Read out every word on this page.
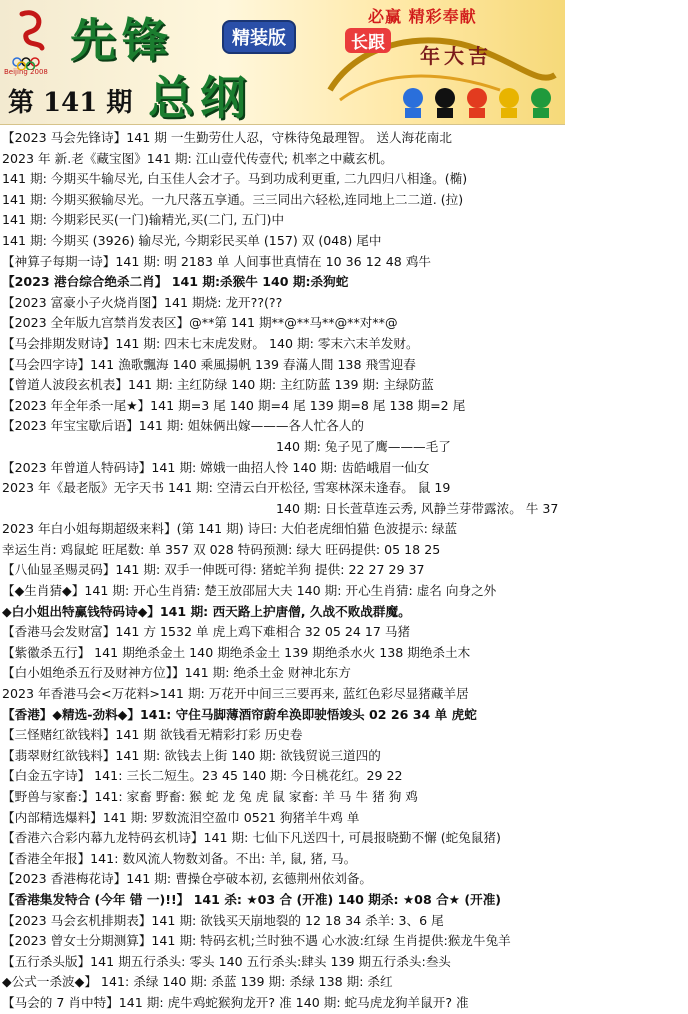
Beijing 2008
先锋
总纲
精装版
第 141 期
必赢 精彩奉献
长跟
年大吉
【2023 马会先锋诗】141 期 一生勤劳仕人忍，守株待兔最理智。 送人海花南北
2023 年 新.老《藏宝图》141 期: 江山壹代传壹代; 机率之中藏玄机。
141 期: 今期买牛输尽光, 白玉佳人会才子。马到功成利更重, 二九四归八相逢。(椭)
141 期: 今期买猴输尽光。一九尺落五享通。三三同出六轻松,连同地上二二道. (拉)
141 期: 今期彩民买(一门)输精光,买(二门, 五门)中
141 期: 今期买 (3926) 输尽光, 今期彩民买单 (157) 双 (048) 尾中
【神算子每期一诗】141 期: 明 2183 单 人间事世真情在 10 36 12 48 鸡牛
【2023 港台综合绝杀二肖】 141 期:杀猴牛 140 期:杀狗蛇
【2023 富豪小子火烧肖图】141 期烧: 龙开??(??
【2023 全年版九宫禁肖发表区】@**第 141 期**@**马**@**对**@
【马会排期发财诗】141 期: 四末七末虎发财。 140 期: 零末六末羊发财。
【马会四字诗】141 漁歌飄海 140 乘風揚帆 139 春滿人間 138 飛雪迎春
【曾道人波段玄机表】141 期: 主红防绿 140 期: 主红防蓝 139 期: 主绿防蓝
【2023 年全年杀一尾★】141 期=3 尾 140 期=4 尾 139 期=8 尾 138 期=2 尾
【2023 年宝宝歇后语】141 期: 姐妹俩出嫁———各人忙各人的
140 期: 兔子见了鹰———毛了
【2023 年曾道人特码诗】141 期: 嫦娥一曲招人怜 140 期: 齿皓峨眉一仙女
2023 年《最老版》无字天书 141 期: 空清云白开松径, 雪寒林深未逢春。 鼠 19
140 期: 日长萱草连云秀, 风静兰芽带露浓。 牛 37
2023 年白小姐每期超级来料】(第 141 期) 诗曰: 大伯老虎细怕猫 色波提示: 绿蓝
幸运生肖: 鸡鼠蛇 旺尾数: 单 357 双 028 特码预测: 绿大 旺码提供: 05 18 25
【八仙显圣赐灵码】141 期: 双手一伸既可得: 猪蛇羊狗 提供: 22 27 29 37
【◆生肖猜◆】141 期: 开心生肖猜: 楚王放邵屈大夫 140 期: 开心生肖猜: 虚名 向身之外
◆白小姐出特赢钱特码诗◆】141 期: 西天路上护唐僧, 久战不败战群魔。
【香港马会发财富】141 方 1532 单 虎上鸡下难相合 32 05 24 17 马猪
【紫徽杀五行】 141 期绝杀金土 140 期绝杀金土 139 期绝杀水火 138 期绝杀土木
【白小姐绝杀五行及财神方位】】141 期: 绝杀土金 财神北东方
2023 年香港马会<万花料>141 期: 万花开中间三三要再来, 蓝红色彩尽显猪藏羊居
【香港】◆精选-劲料◆】141: 守住马脚薄酒帘蔚牟涣即驶悟竣头 02 26 34 单 虎蛇
【三怪赌红欲钱料】141 期 欲钱看无精彩打彩 历史卷
【翡翠财红欲钱料】141 期: 欲钱去上街 140 期: 欲钱贸说三道四的
【白金五字诗】 141: 三长二短生。23 45 140 期: 今日桃花红。29 22
【野兽与家畜:】141: 家畜 野畜: 猴 蛇 龙 兔 虎 鼠 家畜: 羊 马 牛 猪 狗 鸡
【内部精选爆料】141 期: 罗数流泪空盈巾 0521 狗猪羊牛鸡 单
【香港六合彩内幕九龙特码玄机诗】141 期: 七仙下凡送四十, 可晨报晓勤不懈 (蛇兔鼠猪)
【香港全年报】141: 数风流人物数刘备。不出: 羊, 鼠, 猪, 马。
【2023 香港梅花诗】141 期: 曹操仓亭破本初, 玄德荆州依刘备。
【香港集发特合 (今年 错 一)!!】 141 杀: ★03 合 (开准) 140 期杀: ★08 合★ (开准)
【2023 马会玄机排期表】141 期: 欲钱买天崩地裂的 12 18 34 杀羊: 3、6 尾
【2023 曾女士分期测算】141 期: 特码玄机;兰时独不遇 心水波:红绿 生肖提供:猴龙牛兔羊
【五行杀头版】141 期五行杀头: 零头 140 五行杀头:肆头 139 期五行杀头:叁头
◆公式一杀波◆】 141: 杀绿 140 期: 杀蓝 139 期: 杀绿 138 期: 杀红
【马会的 7 肖中特】141 期: 虎牛鸡蛇猴狗龙开? 准 140 期: 蛇马虎龙狗羊鼠开? 准
